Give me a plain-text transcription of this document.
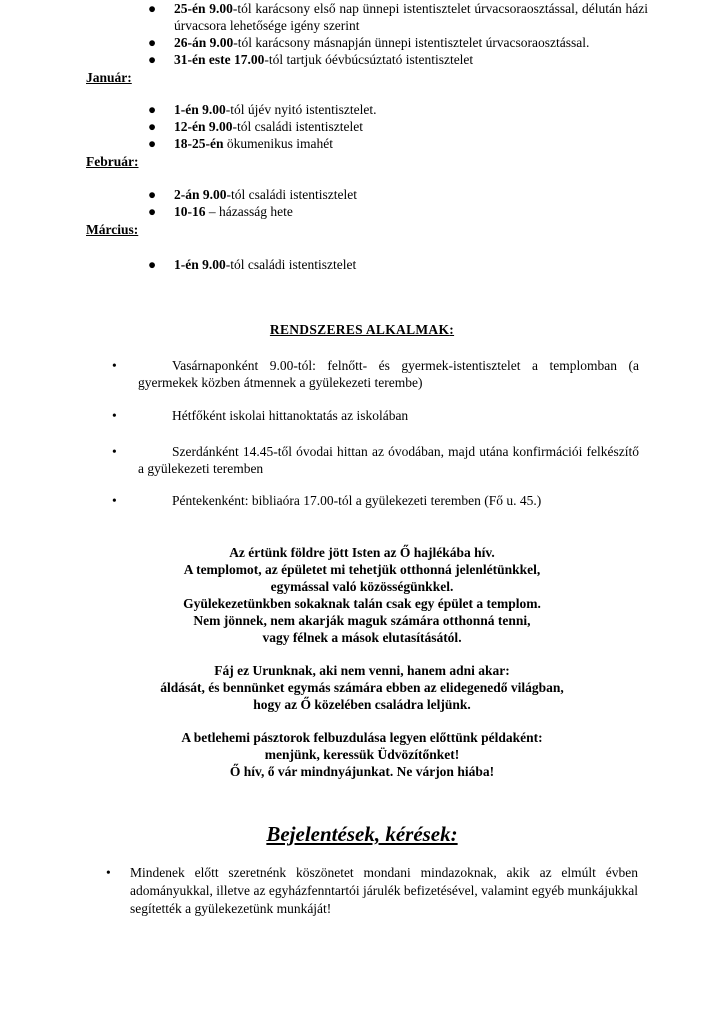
● 25-én 9.00-tól karácsony első nap ünnepi istentisztelet úrvacsoraosztással, délután házi úrvacsora lehetősége igény szerint
● 26-án 9.00-tól karácsony másnapján ünnepi istentisztelet úrvacsoraosztással.
● 31-én este 17.00-tól tartjuk óévbúcsúztató istentisztelet
Január:
● 1-én 9.00-tól újév nyitó istentisztelet.
● 12-én 9.00-tól családi istentisztelet
● 18-25-én ökumenikus imahét
Február:
● 2-án 9.00-tól családi istentisztelet
● 10-16 – házasság hete
Március:
● 1-én 9.00-tól családi istentisztelet
RENDSZERES ALKALMAK:
•	Vasárnaponként 9.00-tól: felnőtt- és gyermek-istentisztelet a templomban (a gyermekek közben átmennek a gyülekezeti terembe)
•	Hétfőként iskolai hittanoktatás az iskolában
•	Szerdánként 14.45-től óvodai hittan az óvodában, majd utána konfirmációi felkészítő a gyülekezeti teremben
•	Péntekenként: bibliaóra 17.00-tól a gyülekezeti teremben (Fő u. 45.)
Az értünk földre jött Isten az Ő hajlékába hív.
A templomot, az épületet mi tehetjük otthonná jelenlétünkkel,
egymással való közösségünkkel.
Gyülekezetünkben sokaknak talán csak egy épület a templom.
Nem jönnek, nem akarják maguk számára otthonná tenni,
vagy félnek a mások elutasításától.
Fáj ez Urunknak, aki nem venni, hanem adni akar:
áldását, és bennünket egymás számára ebben az elidegenedő világban,
hogy az Ő közelében családra leljünk.
A betlehemi pásztorok felbuzdulása legyen előttünk példaként:
menjünk, keressük Üdvözítőnket!
Ő hív, ő vár mindnyájunkat. Ne várjon hiába!
Bejelentések, kérések:
• Mindenek előtt szeretnénk köszönetet mondani mindazoknak, akik az elmúlt évben adományukkal, illetve az egyházfenntartói járulék befizetésével, valamint egyéb munkájukkal segítették a gyülekezetünk munkáját!
